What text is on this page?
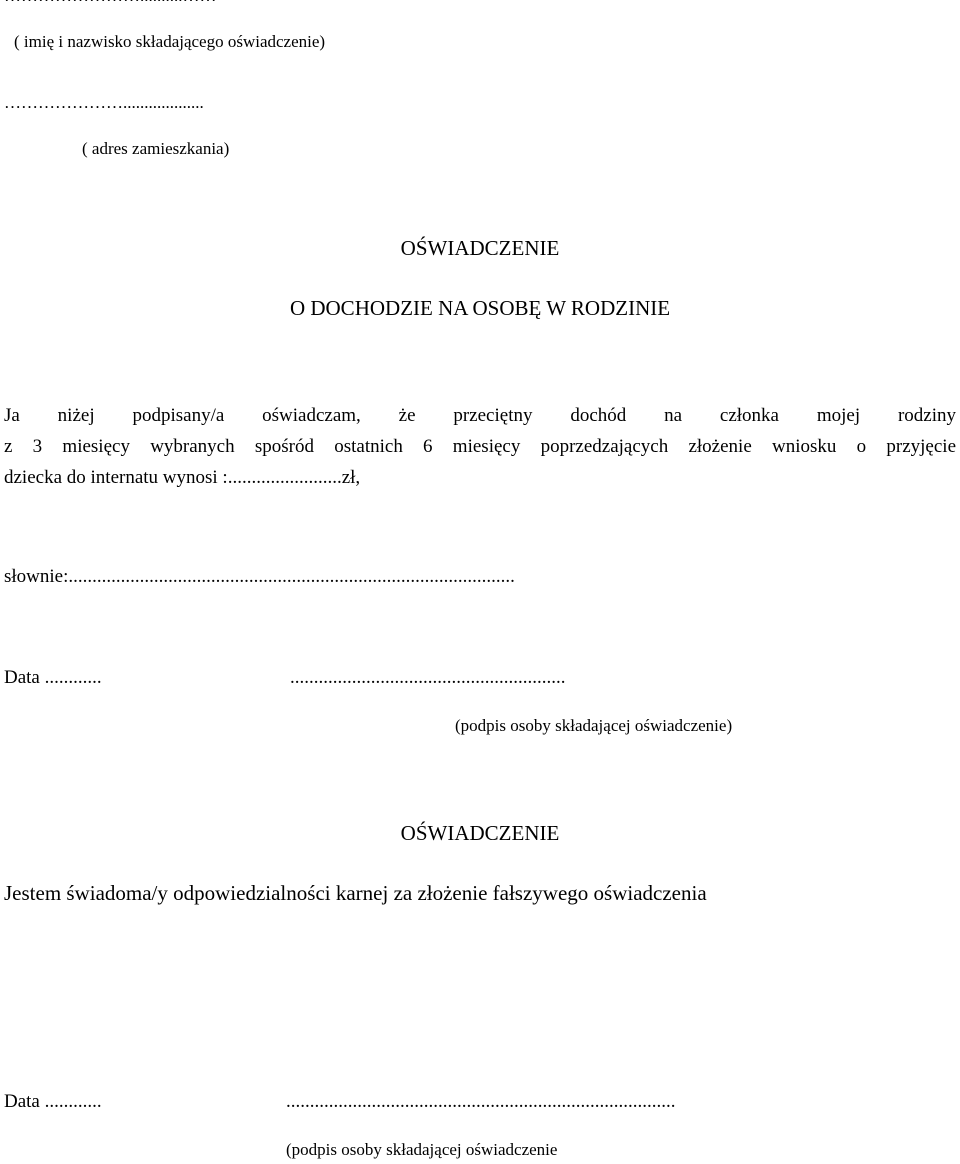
( imię i nazwisko składającego oświadczenie)
…………………...................
( adres zamieszkania)
OŚWIADCZENIE
O DOCHODZIE NA OSOBĘ W RODZINIE
Ja niżej podpisany/a oświadczam, że przeciętny dochód na członka mojej rodziny
z 3 miesięcy wybranych spośród ostatnich 6 miesięcy poprzedzających złożenie wniosku o przyjęcie
dziecka do internatu wynosi :........................zł,
słownie:..............................................................................................
Data ............	..........................................................
(podpis osoby składającej oświadczenie)
OŚWIADCZENIE
Jestem świadoma/y odpowiedzialności karnej za złożenie fałszywego oświadczenia
Data ............	..................................................................................
(podpis osoby składającej oświadczenie
